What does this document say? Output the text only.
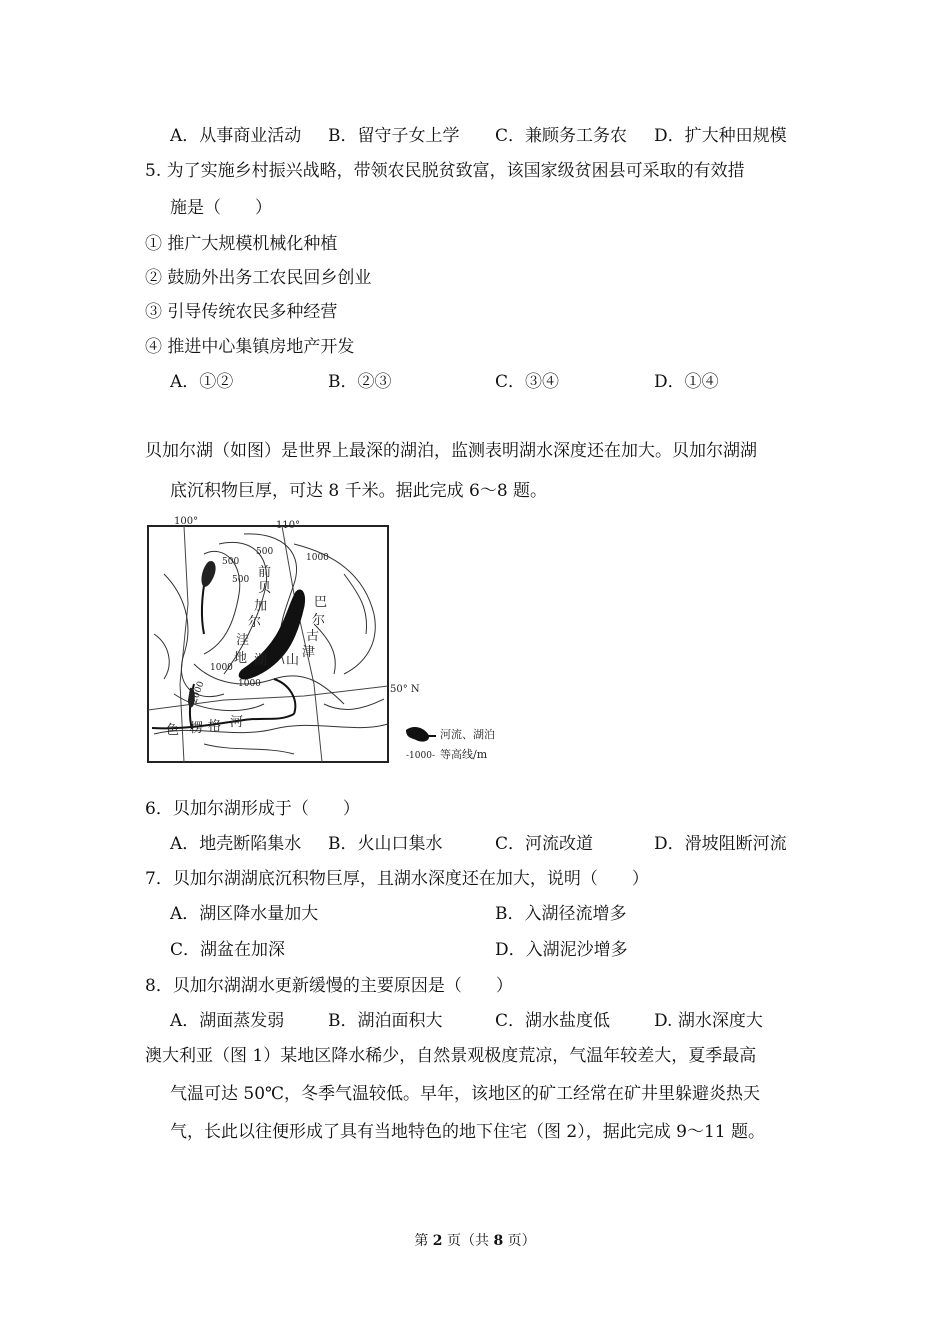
A．从事商业活动 B．留守子女上学 C．兼顾务工务农 D．扩大种田规模
5. 为了实施乡村振兴战略，带领农民脱贫致富，该国家级贫困县可采取的有效措
施是（　　）
① 推广大规模机械化种植
② 鼓励外出务工农民回乡创业
③ 引导传统农民多种经营
④ 推进中心集镇房地产开发
A．①②	B．②③	C．③④	D．①④
贝加尔湖（如图）是世界上最深的湖泊，监测表明湖水深度还在加大。贝加尔湖湖
底沉积物巨厚，可达 8 千米。据此完成 6～8 题。
100°	110°
50° N
500
500
500
1000
1000
1000
2000
前
贝
加
尔
洼
地 湖
巴
尔
古
津
山
色 楞 格 河
河流、湖泊
-1000- 等高线/m
6．贝加尔湖形成于（　　）
A．地壳断陷集水 B．火山口集水	C．河流改道	D．滑坡阻断河流
7．贝加尔湖湖底沉积物巨厚，且湖水深度还在加大，说明（　　）
A．湖区降水量加大	B．入湖径流增多
C．湖盆在加深	D．入湖泥沙增多
8．贝加尔湖湖水更新缓慢的主要原因是（　　）
A．湖面蒸发弱	B．湖泊面积大	C．湖水盐度低	D. 湖水深度大
澳大利亚（图 1）某地区降水稀少，自然景观极度荒凉，气温年较差大，夏季最高
气温可达 50℃，冬季气温较低。早年，该地区的矿工经常在矿井里躲避炎热天
气，长此以往便形成了具有当地特色的地下住宅（图 2），据此完成 9～11 题。
第 2 页（共 8 页）
